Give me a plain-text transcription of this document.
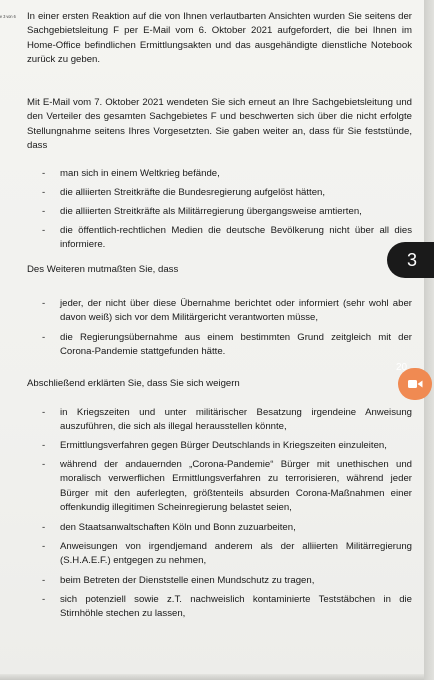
e 3 von 6 In einer ersten Reaktion auf die von Ihnen verlautbarten Ansichten wurden Sie seitens der Sachgebietsleitung F per E-Mail vom 6. Oktober 2021 aufgefordert, die bei Ihnen im Home-Office befindlichen Ermittlungsakten und das ausgehändigte dienstliche Notebook zurück zu geben.

Mit E-Mail vom 7. Oktober 2021 wendeten Sie sich erneut an Ihre Sachgebietsleitung und den Verteiler des gesamten Sachgebietes F und beschwerten sich über die nicht erfolgte Stellungnahme seitens Ihres Vorgesetzten. Sie gaben weiter an, dass für Sie feststünde, dass

- man sich in einem Weltkrieg befände,
- die alliierten Streitkräfte die Bundesregierung aufgelöst hätten,
- die alliierten Streitkräfte als Militärregierung übergangsweise amtierten,
- die öffentlich-rechtlichen Medien die deutsche Bevölkerung nicht über all dies informiere.

Des Weiteren mutmaßten Sie, dass

- jeder, der nicht über diese Übernahme berichtet oder informiert (sehr wohl aber davon weiß) sich vor dem Militärgericht verantworten müsse,
- die Regierungsübernahme aus einem bestimmten Grund zeitgleich mit der Corona-Pandemie stattgefunden hätte.

Abschließend erklärten Sie, dass Sie sich weigern

- in Kriegszeiten und unter militärischer Besatzung irgendeine Anweisung auszuführen, die sich als illegal herausstellen könnte,
- Ermittlungsverfahren gegen Bürger Deutschlands in Kriegszeiten einzuleiten,
- während der andauernden „Corona-Pandemie“ Bürger mit unethischen und moralisch verwerflichen Ermittlungsverfahren zu terrorisieren, während jeder Bürger mit den auferlegten, größtenteils absurden Corona-Maßnahmen einer offenkundig illegitimen Scheinregierung belastet seien,
- den Staatsanwaltschaften Köln und Bonn zuzuarbeiten,
- Anweisungen von irgendjemand anderem als der alliierten Militärregierung (S.H.A.E.F.) entgegen zu nehmen,
- beim Betreten der Dienststelle einen Mundschutz zu tragen,
- sich potenziell sowie z.T. nachweislich kontaminierte Teststäbchen in die Stirnhöhle stechen zu lassen,
3
20
